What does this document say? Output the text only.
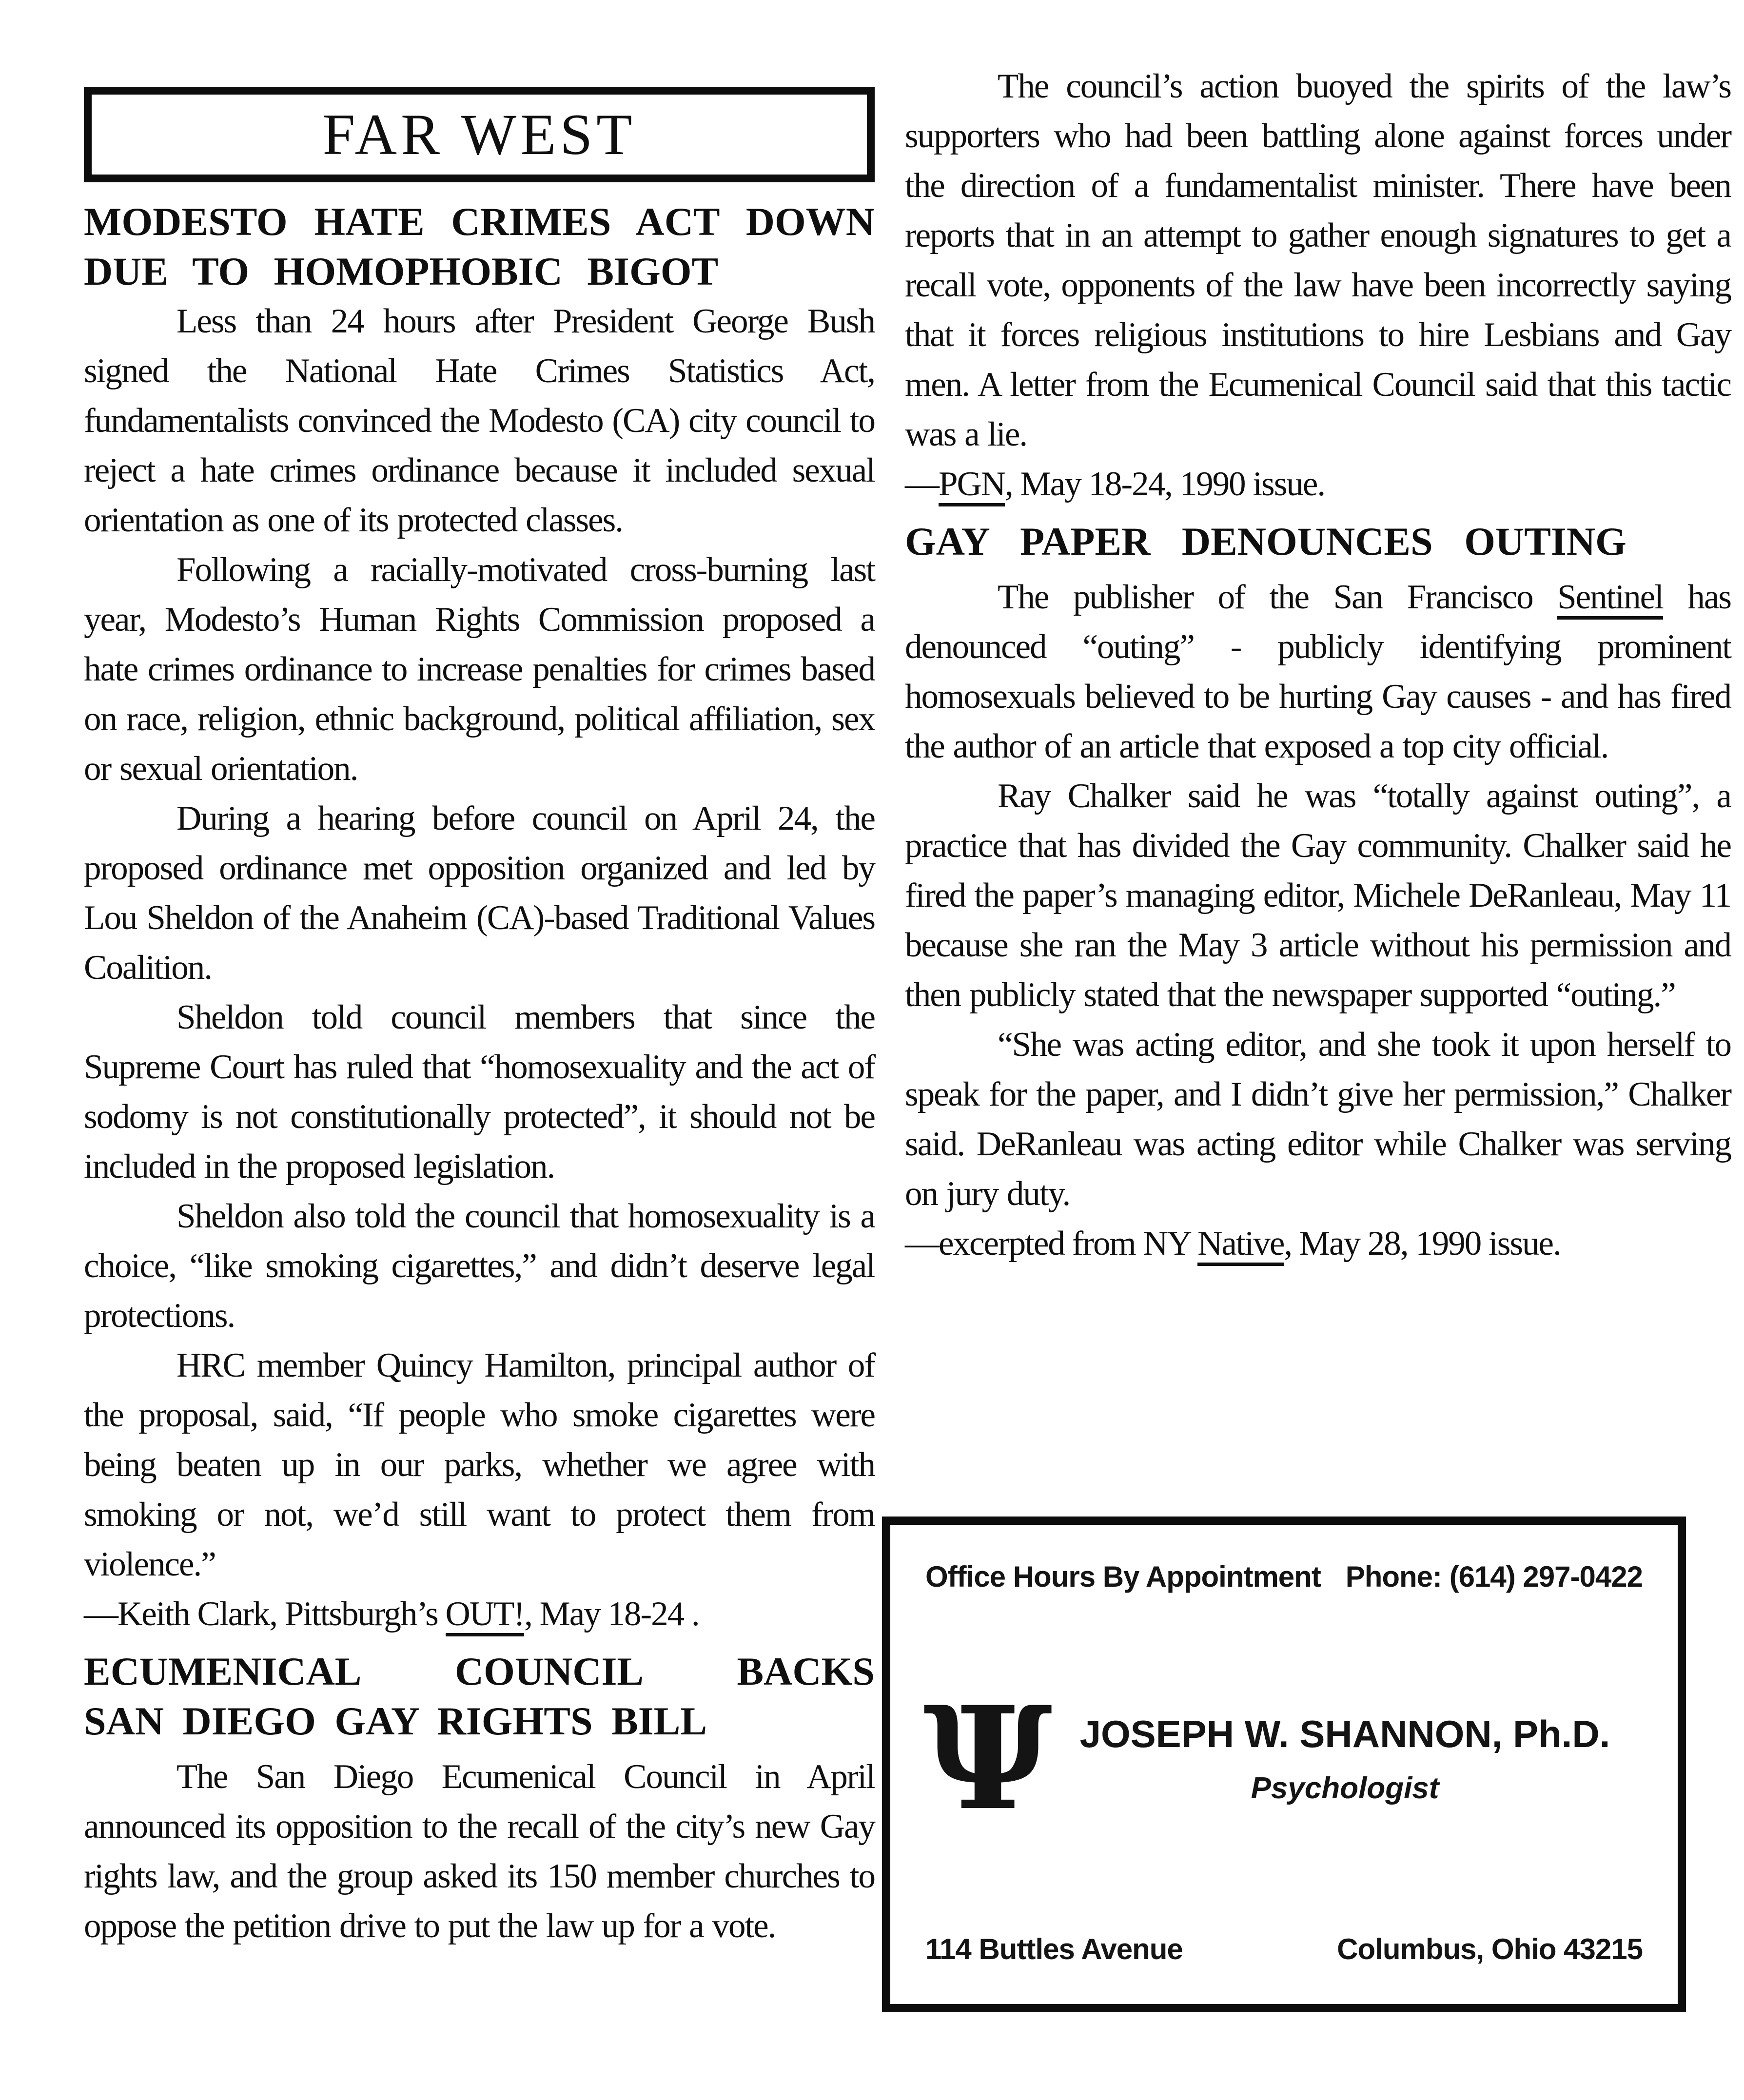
FAR WEST
MODESTO HATE CRIMES ACT DOWN
DUE TO HOMOPHOBIC BIGOT

Less than 24 hours after President George Bush signed the National Hate Crimes Statistics Act, fundamentalists convinced the Modesto (CA) city council to reject a hate crimes ordinance because it included sexual orientation as one of its protected classes.

Following a racially-motivated cross-burning last year, Modesto’s Human Rights Commission proposed a hate crimes ordinance to increase penalties for crimes based on race, religion, ethnic background, political affiliation, sex or sexual orientation.

During a hearing before council on April 24, the proposed ordinance met opposition organized and led by Lou Sheldon of the Anaheim (CA)-based Traditional Values Coalition.

Sheldon told council members that since the Supreme Court has ruled that “homosexuality and the act of sodomy is not constitutionally protected”, it should not be included in the proposed legislation.

Sheldon also told the council that homosexuality is a choice, “like smoking cigarettes,” and didn’t deserve legal protections.

HRC member Quincy Hamilton, principal author of the proposal, said, “If people who smoke cigarettes were being beaten up in our parks, whether we agree with smoking or not, we’d still want to protect them from violence.”

—Keith Clark, Pittsburgh’s OUT!, May 18-24 .

ECUMENICAL COUNCIL BACKS
SAN DIEGO GAY RIGHTS BILL

The San Diego Ecumenical Council in April announced its opposition to the recall of the city’s new Gay rights law, and the group asked its 150 member churches to oppose the petition drive to put the law up for a vote.

The council’s action buoyed the spirits of the law’s supporters who had been battling alone against forces under the direction of a fundamentalist minister. There have been reports that in an attempt to gather enough signatures to get a recall vote, opponents of the law have been incorrectly saying that it forces religious institutions to hire Lesbians and Gay men. A letter from the Ecumenical Council said that this tactic was a lie.

—PGN, May 18-24, 1990 issue.

GAY PAPER DENOUNCES OUTING

The publisher of the San Francisco Sentinel has denounced “outing” - publicly identifying prominent homosexuals believed to be hurting Gay causes - and has fired the author of an article that exposed a top city official.

Ray Chalker said he was “totally against outing”, a practice that has divided the Gay community. Chalker said he fired the paper’s managing editor, Michele DeRanleau, May 11 because she ran the May 3 article without his permission and then publicly stated that the newspaper supported “outing.”

“She was acting editor, and she took it upon herself to speak for the paper, and I didn’t give her permission,” Chalker said. DeRanleau was acting editor while Chalker was serving on jury duty.

—excerpted from NY Native, May 28, 1990 issue.

Office Hours By Appointment Phone: (614) 297-0422
Ψ JOSEPH W. SHANNON, Ph.D.
Psychologist
114 Buttles Avenue	Columbus, Ohio 43215
